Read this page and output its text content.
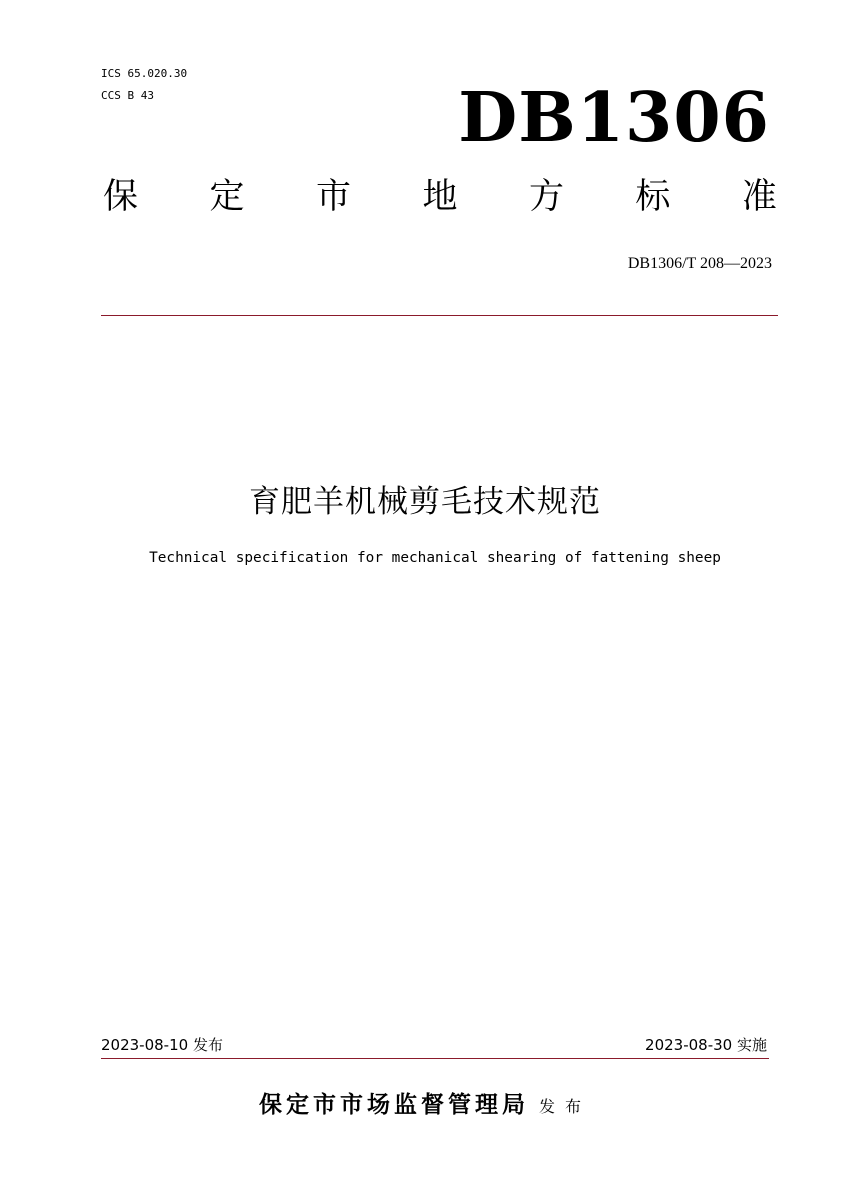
ICS 65.020.30
CCS B 43	DB1306
保 定 市 地 方 标 准
DB1306/T 208—2023
育肥羊机械剪毛技术规范
Technical specification for mechanical shearing of fattening sheep
2023-08-10 发布	2023-08-30 实施
保定市市场监督管理局 发布
